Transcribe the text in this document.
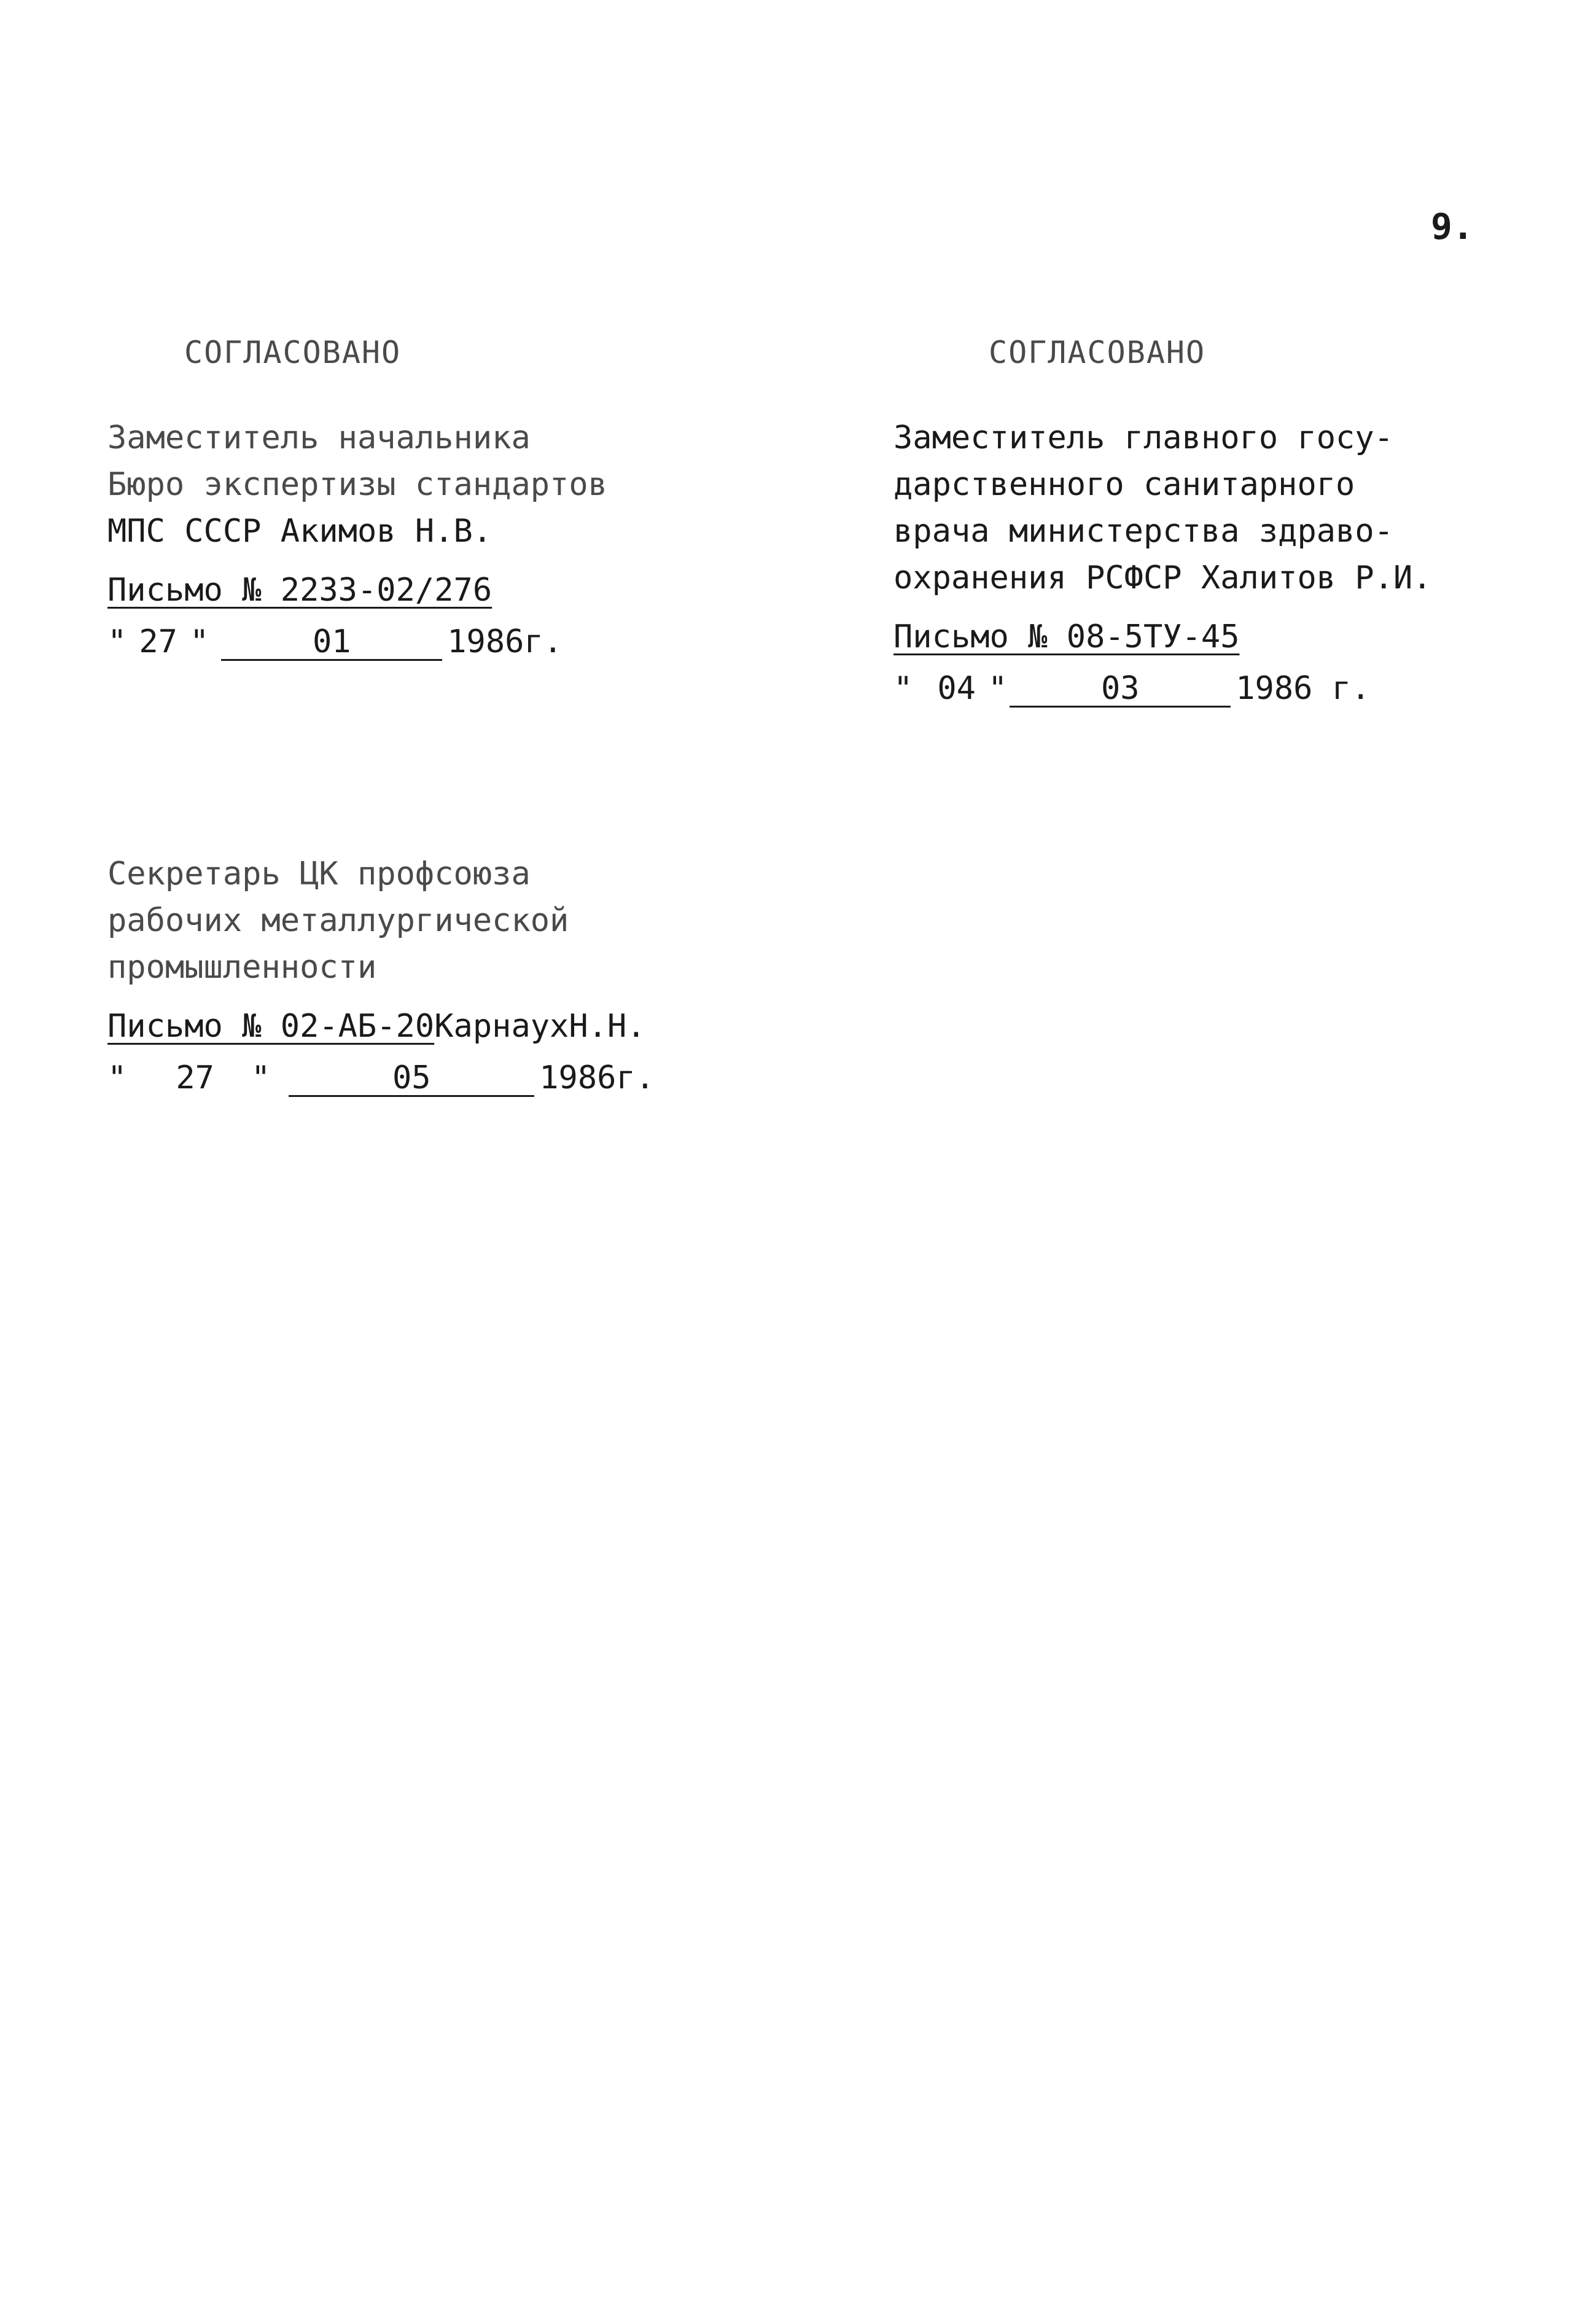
9.
СОГЛАСОВАНО
Заместитель начальника
Бюро экспертизы стандартов
МПС СССР Акимов Н.В.
Письмо № 2233-02/276
" 27 "	01	1986г.
СОГЛАСОВАНО
Заместитель главного госу-
дарственного санитарного
врача министерства здраво-
охранения РСФСР Халитов Р.И.
Письмо № 08-5ТУ-45
" 04 "	03	1986 г.
Секретарь ЦК профсоюза
рабочих металлургической
промышленности
Письмо № 02-АБ-20КарнаухН.Н.
" 27 "	05	1986г.
